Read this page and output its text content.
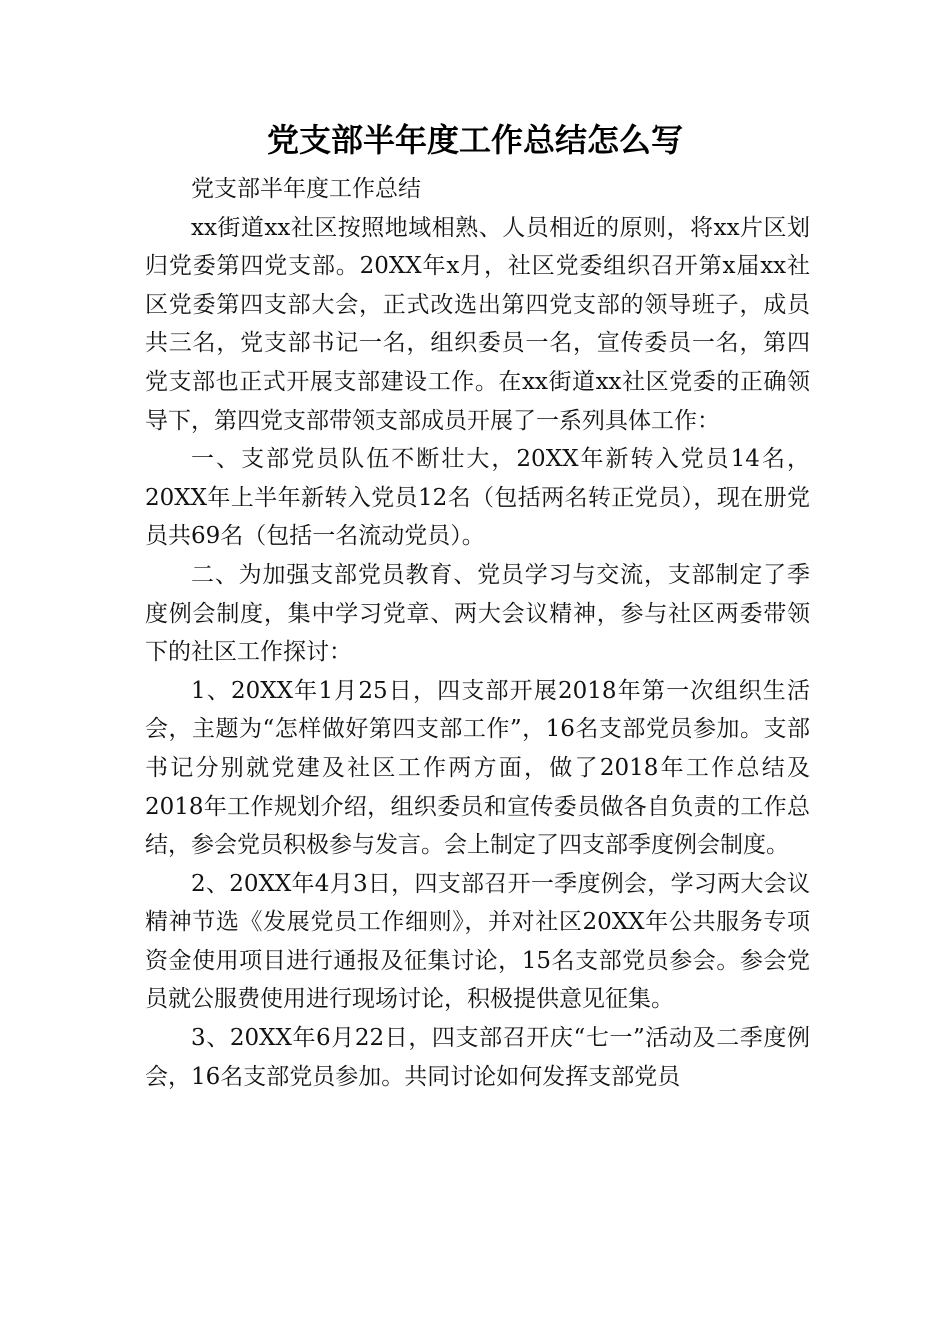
党支部半年度工作总结怎么写

党支部半年度工作总结

xx街道xx社区按照地域相熟、人员相近的原则，将xx片区划归党委第四党支部。20XX年x月，社区党委组织召开第x届xx社区党委第四支部大会，正式改选出第四党支部的领导班子，成员共三名，党支部书记一名，组织委员一名，宣传委员一名，第四党支部也正式开展支部建设工作。在xx街道xx社区党委的正确领导下，第四党支部带领支部成员开展了一系列具体工作：

一、支部党员队伍不断壮大，20XX年新转入党员14名，20XX年上半年新转入党员12名（包括两名转正党员），现在册党员共69名（包括一名流动党员）。

二、为加强支部党员教育、党员学习与交流，支部制定了季度例会制度，集中学习党章、两大会议精神，参与社区两委带领下的社区工作探讨：

1、20XX年1月25日，四支部开展2018年第一次组织生活会，主题为“怎样做好第四支部工作”，16名支部党员参加。支部书记分别就党建及社区工作两方面，做了2018年工作总结及2018年工作规划介绍，组织委员和宣传委员做各自负责的工作总结，参会党员积极参与发言。会上制定了四支部季度例会制度。

2、20XX年4月3日，四支部召开一季度例会，学习两大会议精神节选《发展党员工作细则》，并对社区20XX年公共服务专项资金使用项目进行通报及征集讨论，15名支部党员参会。参会党员就公服费使用进行现场讨论，积极提供意见征集。

3、20XX年6月22日，四支部召开庆“七一”活动及二季度例会，16名支部党员参加。共同讨论如何发挥支部党员
